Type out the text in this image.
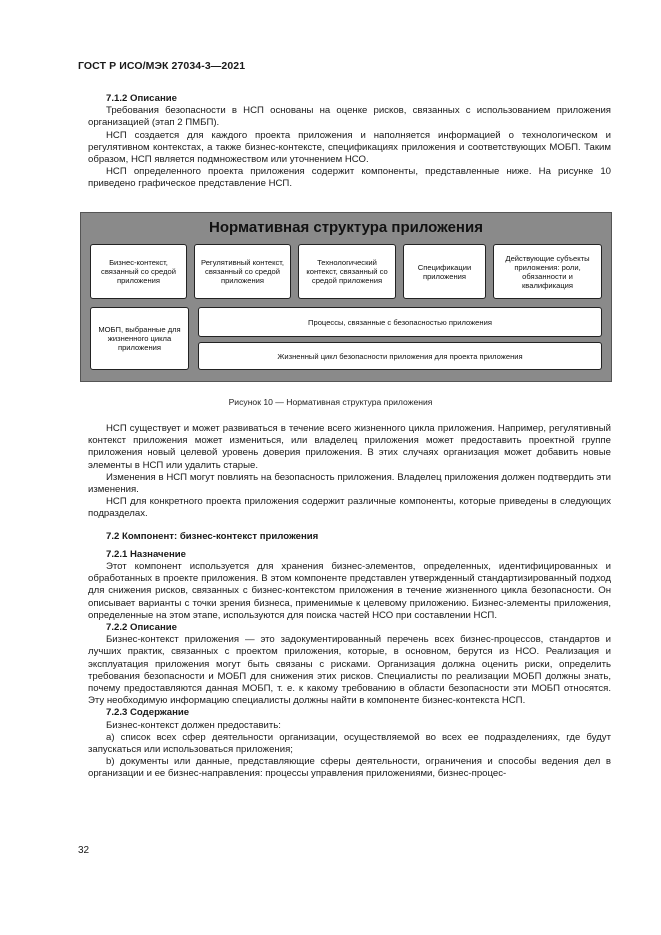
ГОСТ Р ИСО/МЭК 27034-3—2021

7.1.2 Описание

Требования безопасности в НСП основаны на оценке рисков, связанных с использованием приложения организацией (этап 2 ПМБП).

НСП создается для каждого проекта приложения и наполняется информацией о технологическом и регулятивном контекстах, а также бизнес-контексте, спецификациях приложения и соответствующих МОБП. Таким образом, НСП является подмножеством или уточнением НСО.

НСП определенного проекта приложения содержит компоненты, представленные ниже. На рисунке 10 приведено графическое представление НСП.

Нормативная структура приложения
Бизнес-контекст, связанный со средой приложения
Регулятивный контекст, связанный со средой приложения
Технологический контекст, связанный со средой приложения
Спецификации приложения
Действующие субъекты приложения: роли, обязанности и квалификация
МОБП, выбранные для жизненного цикла приложения
Процессы, связанные с безопасностью приложения
Жизненный цикл безопасности приложения для проекта приложения
Рисунок 10 — Нормативная структура приложения

НСП существует и может развиваться в течение всего жизненного цикла приложения. Например, регулятивный контекст приложения может измениться, или владелец приложения может предоставить проектной группе приложения новый целевой уровень доверия приложения. В этих случаях организация может добавить новые элементы в НСП или удалить старые.

Изменения в НСП могут повлиять на безопасность приложения. Владелец приложения должен подтвердить эти изменения.

НСП для конкретного проекта приложения содержит различные компоненты, которые приведены в следующих подразделах.

7.2 Компонент: бизнес-контекст приложения

7.2.1 Назначение

Этот компонент используется для хранения бизнес-элементов, определенных, идентифицированных и обработанных в проекте приложения. В этом компоненте представлен утвержденный стандартизированный подход для снижения рисков, связанных с бизнес-контекстом приложения в течение жизненного цикла безопасности. Он описывает варианты с точки зрения бизнеса, применимые к целевому приложению. Бизнес-элементы приложения, определенные на этом этапе, используются для поиска частей НСО при составлении НСП.

7.2.2 Описание

Бизнес-контекст приложения — это задокументированный перечень всех бизнес-процессов, стандартов и лучших практик, связанных с проектом приложения, которые, в основном, берутся из НСО. Реализация и эксплуатация приложения могут быть связаны с рисками. Организация должна оценить риски, определить требования безопасности и МОБП для снижения этих рисков. Специалисты по реализации МОБП должны знать, почему предоставляются данная МОБП, т. е. к какому требованию в области безопасности эти МОБП относятся. Эту необходимую информацию специалисты должны найти в компоненте бизнес-контекста НСП.

7.2.3 Содержание

Бизнес-контекст должен предоставить:

a) список всех сфер деятельности организации, осуществляемой во всех ее подразделениях, где будут запускаться или использоваться приложения;

b) документы или данные, представляющие сферы деятельности, ограничения и способы ведения дел в организации и ее бизнес-направления: процессы управления приложениями, бизнес-процес-

32
